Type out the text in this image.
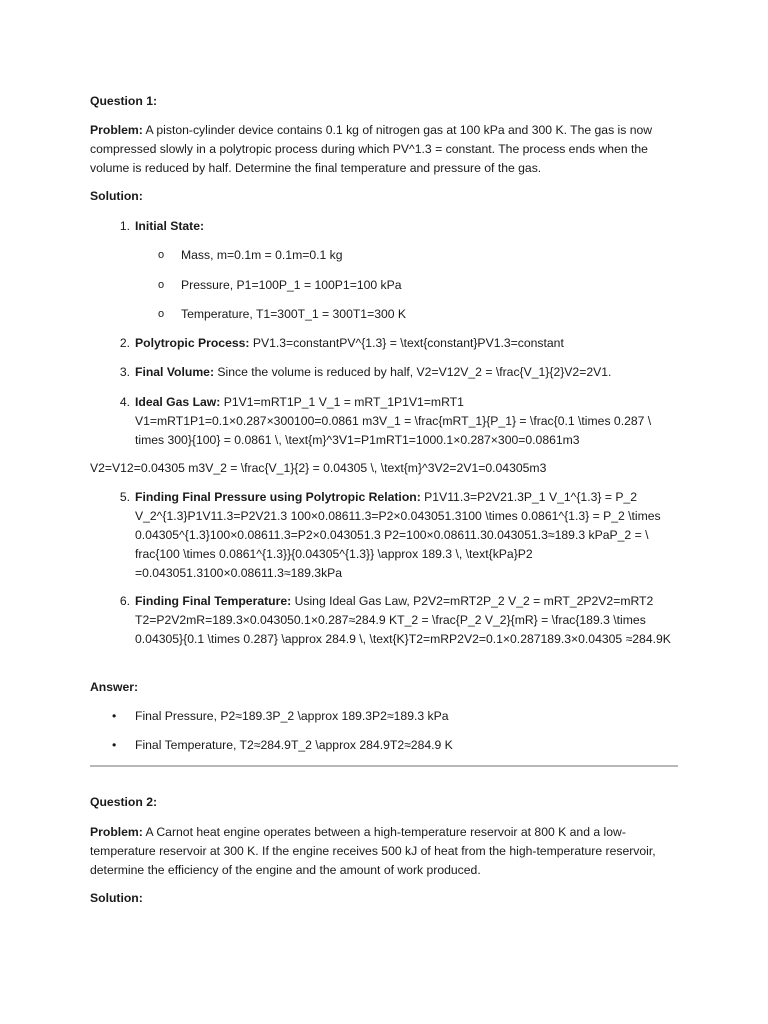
Question 1:
Problem: A piston-cylinder device contains 0.1 kg of nitrogen gas at 100 kPa and 300 K. The gas is now compressed slowly in a polytropic process during which PV^1.3 = constant. The process ends when the volume is reduced by half. Determine the final temperature and pressure of the gas.
Solution:
1. Initial State:
o Mass, m=0.1m = 0.1m=0.1 kg
o Pressure, P1=100P_1 = 100P1=100 kPa
o Temperature, T1=300T_1 = 300T1=300 K
2. Polytropic Process: PV1.3=constantPV^{1.3} = \text{constant}PV1.3=constant
3. Final Volume: Since the volume is reduced by half, V2=V12V_2 = \frac{V_1}{2}V2=2V1.
4. Ideal Gas Law: P1V1=mRT1P_1 V_1 = mRT_1P1V1=mRT1 V1=mRT1P1=0.1×0.287×300100=0.0861 m3V_1 = \frac{mRT_1}{P_1} = \frac{0.1 \times 0.287 \ times 300}{100} = 0.0861 \, \text{m}^3V1=P1mRT1=1000.1×0.287×300=0.0861m3
V2=V12=0.04305 m3V_2 = \frac{V_1}{2} = 0.04305 \, \text{m}^3V2=2V1=0.04305m3
5. Finding Final Pressure using Polytropic Relation: P1V11.3=P2V21.3P_1 V_1^{1.3} = P_2 V_2^{1.3}P1V11.3=P2V21.3 100×0.08611.3=P2×0.043051.3100 \times 0.0861^{1.3} = P_2 \times 0.04305^{1.3}100×0.08611.3=P2×0.043051.3 P2=100×0.08611.30.043051.3≈189.3 kPaP_2 = \ frac{100 \times 0.0861^{1.3}}{0.04305^{1.3}} \approx 189.3 \, \text{kPa}P2 =0.043051.3100×0.08611.3≈189.3kPa
6. Finding Final Temperature: Using Ideal Gas Law, P2V2=mRT2P_2 V_2 = mRT_2P2V2=mRT2 T2=P2V2mR=189.3×0.043050.1×0.287≈284.9 KT_2 = \frac{P_2 V_2}{mR} = \frac{189.3 \times 0.04305}{0.1 \times 0.287} \approx 284.9 \, \text{K}T2=mRP2V2=0.1×0.287189.3×0.04305 ≈284.9K
Answer:
• Final Pressure, P2≈189.3P_2 \approx 189.3P2≈189.3 kPa
• Final Temperature, T2≈284.9T_2 \approx 284.9T2≈284.9 K
Question 2:
Problem: A Carnot heat engine operates between a high-temperature reservoir at 800 K and a low-temperature reservoir at 300 K. If the engine receives 500 kJ of heat from the high-temperature reservoir, determine the efficiency of the engine and the amount of work produced.
Solution:
